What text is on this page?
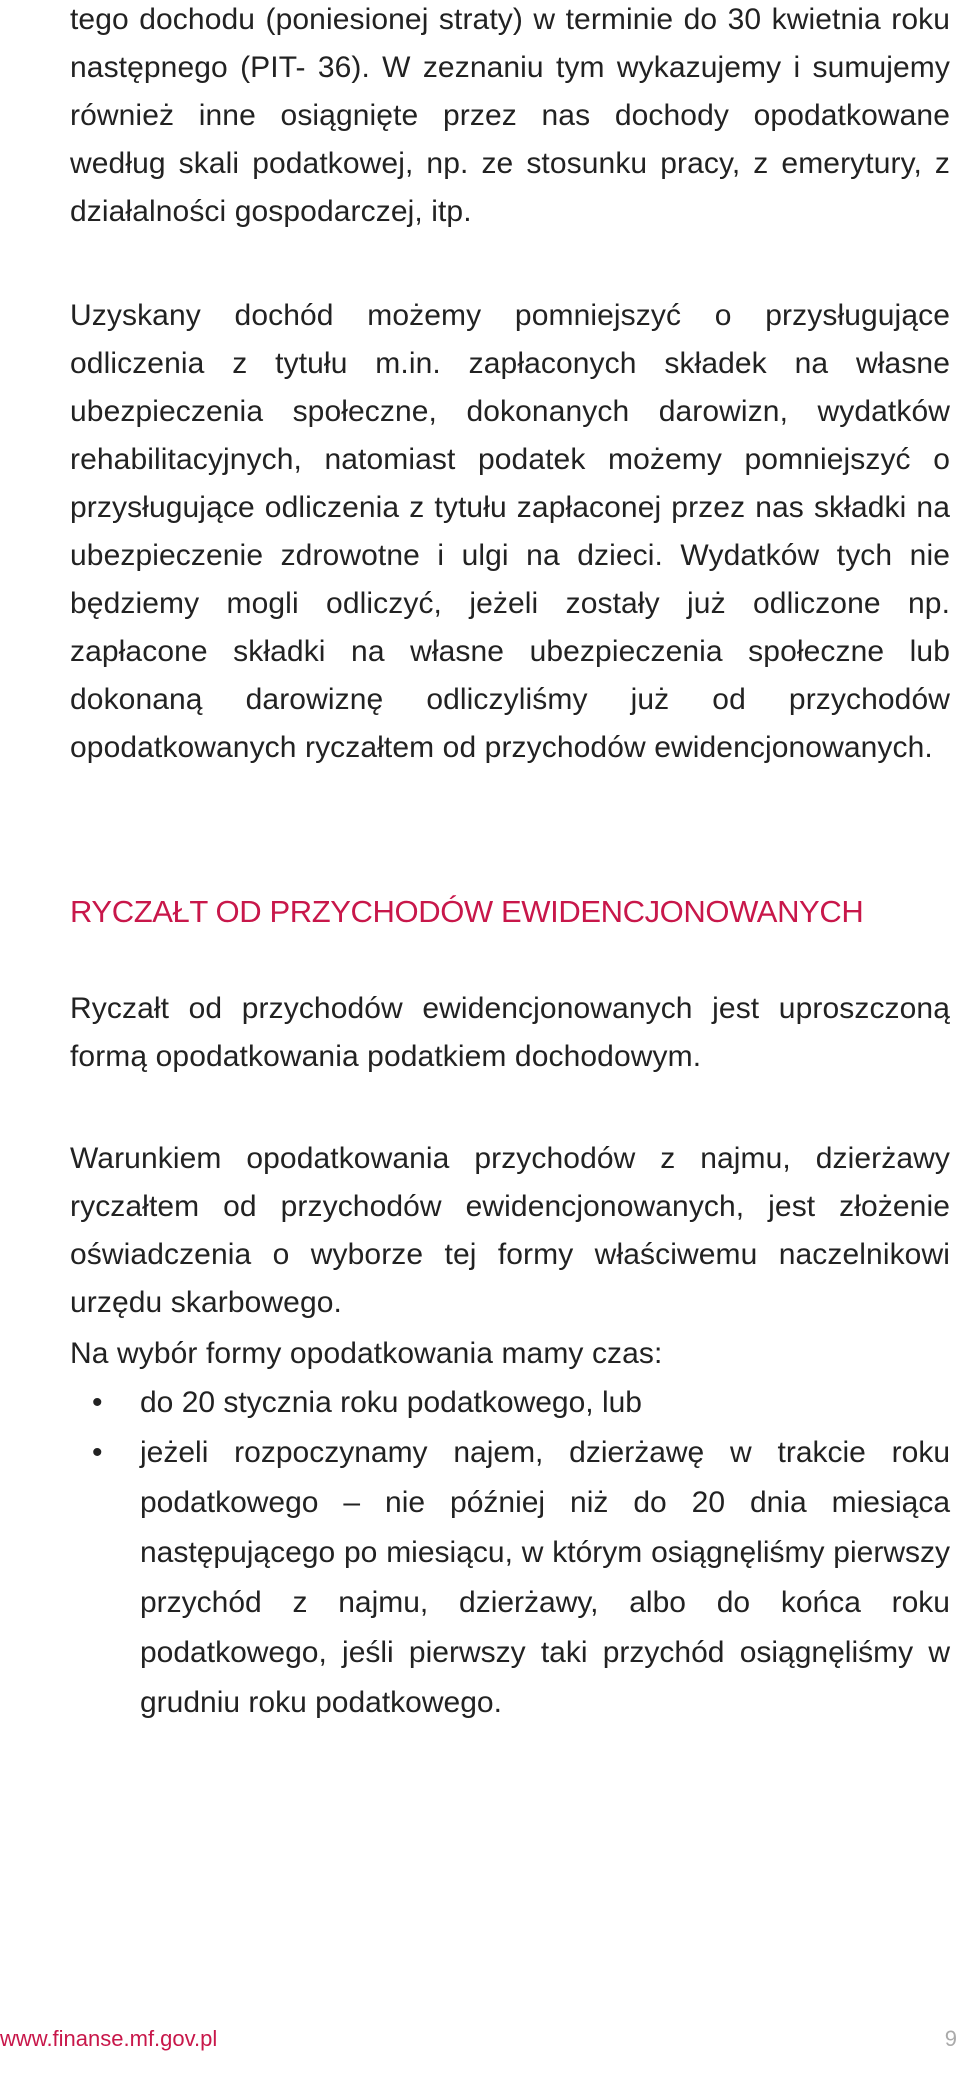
tego dochodu (poniesionej straty) w terminie do 30 kwietnia roku następnego (PIT- 36). W zeznaniu tym wykazujemy i sumujemy również inne osiągnięte przez nas dochody opodatkowane według skali podatkowej, np. ze stosunku pracy, z emerytury, z działalności gospodarczej, itp.

Uzyskany dochód możemy pomniejszyć o przysługujące odliczenia z tytułu m.in. zapłaconych składek na własne ubezpieczenia społeczne, dokonanych darowizn, wydatków rehabilitacyjnych, natomiast podatek możemy pomniejszyć o przysługujące odliczenia z tytułu zapłaconej przez nas składki na ubezpieczenie zdrowotne i ulgi na dzieci. Wydatków tych nie będziemy mogli odliczyć, jeżeli zostały już odliczone np. zapłacone składki na własne ubezpieczenia społeczne lub dokonaną darowiznę odliczyliśmy już od przychodów opodatkowanych ryczałtem od przychodów ewidencjonowanych.

RYCZAŁT OD PRZYCHODÓW EWIDENCJONOWANYCH

Ryczałt od przychodów ewidencjonowanych jest uproszczoną formą opodatkowania podatkiem dochodowym.

Warunkiem opodatkowania przychodów z najmu, dzierżawy ryczałtem od przychodów ewidencjonowanych, jest złożenie oświadczenia o wyborze tej formy właściwemu naczelnikowi urzędu skarbowego.

Na wybór formy opodatkowania mamy czas:

• do 20 stycznia roku podatkowego, lub
• jeżeli rozpoczynamy najem, dzierżawę w trakcie roku podatkowego – nie później niż do 20 dnia miesiąca następującego po miesiącu, w którym osiągnęliśmy pierwszy przychód z najmu, dzierżawy, albo do końca roku podatkowego, jeśli pierwszy taki przychód osiągnęliśmy w grudniu roku podatkowego.
www.finanse.mf.gov.pl	9
